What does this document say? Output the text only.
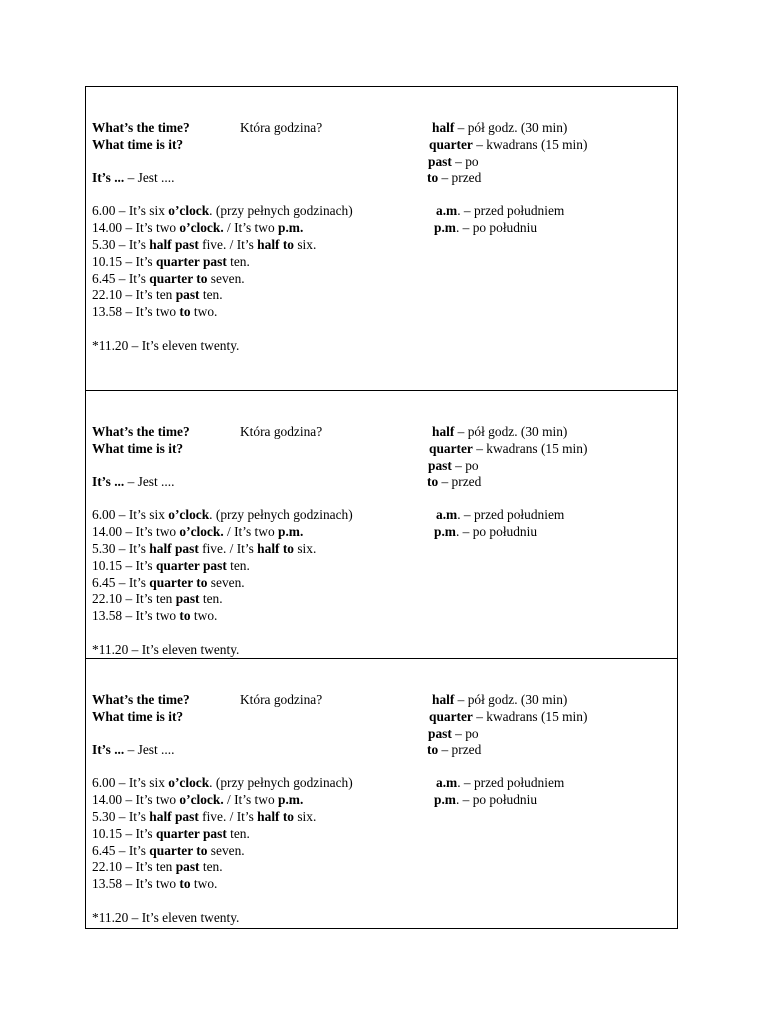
What’s the time?	Która godzina?	half – pół godz. (30 min)
What time is it?	quarter – kwadrans (15 min)
past – po
It’s ... – Jest ....	to – przed
6.00 – It’s six o’clock. (przy pełnych godzinach)	a.m. – przed południem
14.00 – It’s two o’clock. / It’s two p.m.	p.m. – po południu
5.30 – It’s half past five. / It’s half to six.
10.15 – It’s quarter past ten.
6.45 – It’s quarter to seven.
22.10 – It’s ten past ten.
13.58 – It’s two to two.
*11.20 – It’s eleven twenty.
What’s the time?	Która godzina?	half – pół godz. (30 min)
What time is it?	quarter – kwadrans (15 min)
past – po
It’s ... – Jest ....	to – przed
6.00 – It’s six o’clock. (przy pełnych godzinach)	a.m. – przed południem
14.00 – It’s two o’clock. / It’s two p.m.	p.m. – po południu
5.30 – It’s half past five. / It’s half to six.
10.15 – It’s quarter past ten.
6.45 – It’s quarter to seven.
22.10 – It’s ten past ten.
13.58 – It’s two to two.
*11.20 – It’s eleven twenty.
What’s the time?	Która godzina?	half – pół godz. (30 min)
What time is it?	quarter – kwadrans (15 min)
past – po
It’s ... – Jest ....	to – przed
6.00 – It’s six o’clock. (przy pełnych godzinach)	a.m. – przed południem
14.00 – It’s two o’clock. / It’s two p.m.	p.m. – po południu
5.30 – It’s half past five. / It’s half to six.
10.15 – It’s quarter past ten.
6.45 – It’s quarter to seven.
22.10 – It’s ten past ten.
13.58 – It’s two to two.
*11.20 – It’s eleven twenty.
